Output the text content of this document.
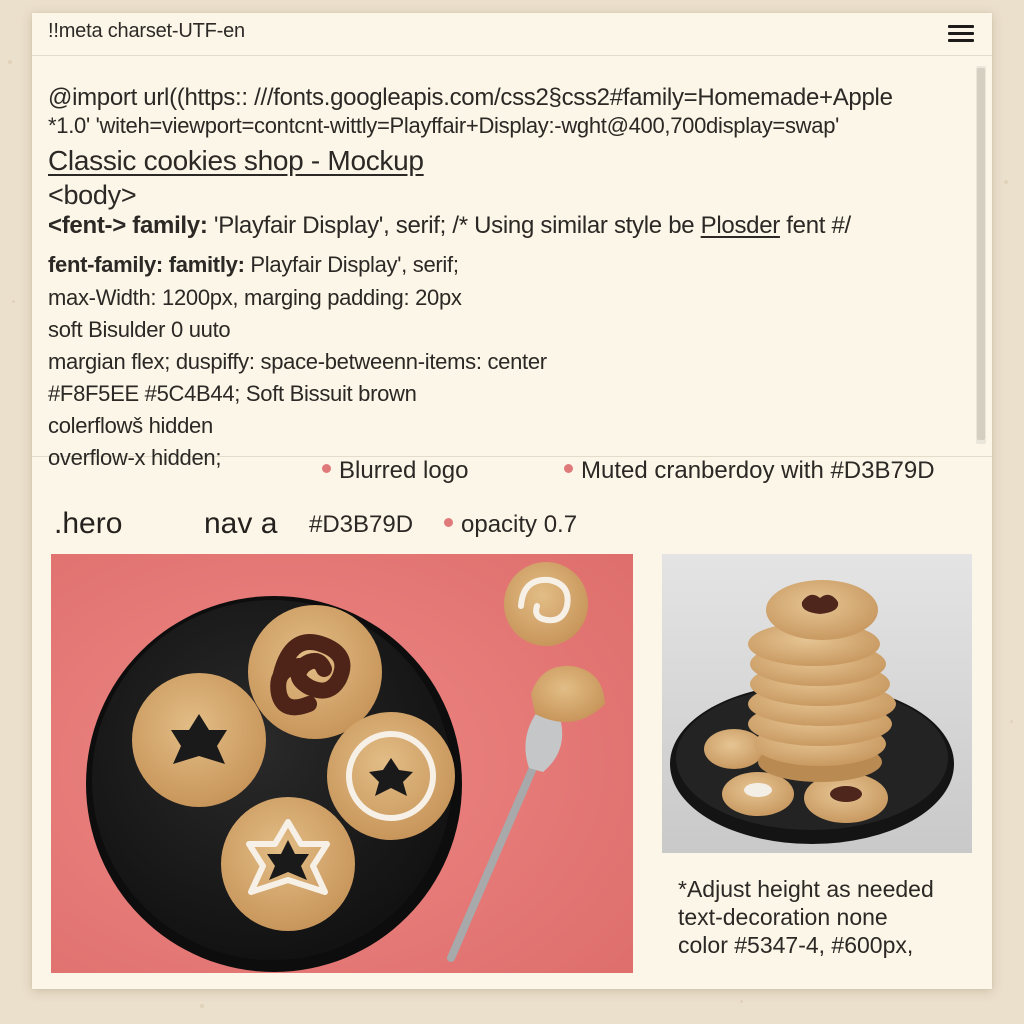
!!meta charset-UTF-en
@import url((https:: ///fonts.googleapis.com/css2§css2#family=Homemade+Apple
*1.0' 'witeh=viewport=contcnt-wittly=Playffair+Display:-wght@400,700display=swap'
Classic cookies shop - Mockup
<body>
<fent-> family: 'Playfair Display', serif; /* Using similar style be Plosder fent #/
fent-family: famitly: Playfair Display', serif;
max-Width: 1200px, marging padding: 20px
soft Bisulder 0 uuto
margian flex; duspiffy: space-betweenn-items: center
#F8F5EE #5C4B44; Soft Bissuit brown
colerflowš hidden
overflow-x hidden;	Blurred logo	Muted cranberdoy with #D3B79D
.hero	nav a #D3B79D	opacity 0.7
*Adjust height as needed
text-decoration none
color #5347-4, #600px,
